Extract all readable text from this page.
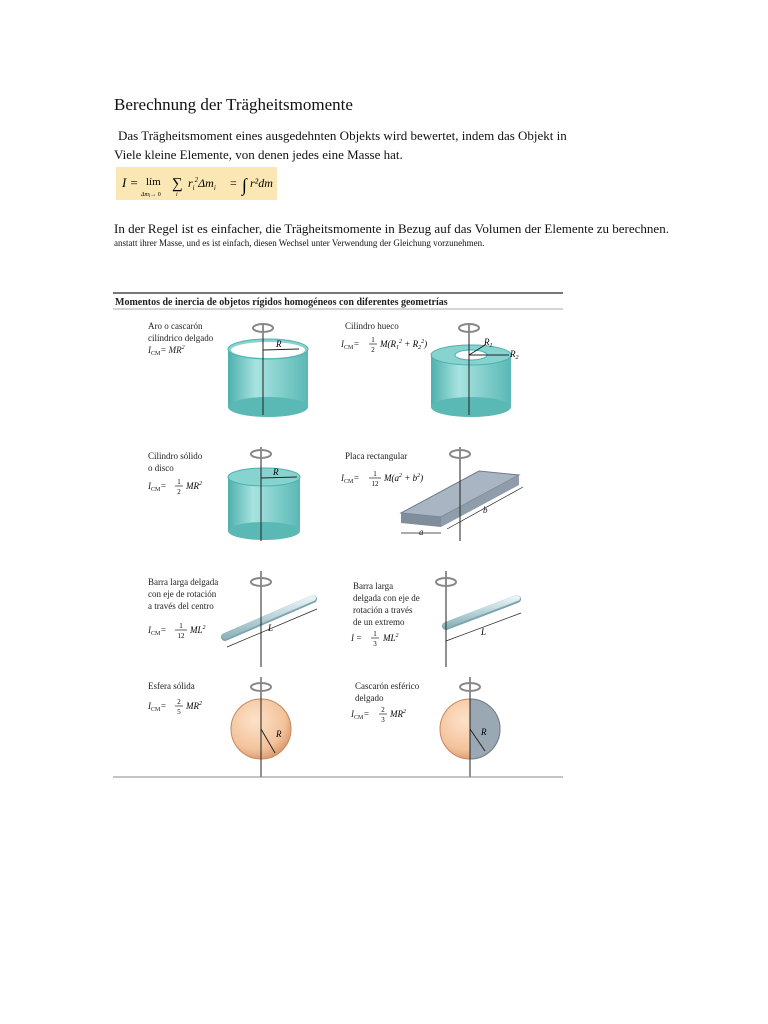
Berechnung der Trägheitsmomente
Das Trägheitsmoment eines ausgedehnten Objekts wird bewertet, indem das Objekt in
Viele kleine Elemente, von denen jedes eine Masse hat.
I = lím
Δmi→ 0
∑
i
$r_i^2\Delta m_i$ = ∫ r²dm
In der Regel ist es einfacher, die Trägheitsmomente in Bezug auf das Volumen der Elemente zu berechnen.
anstatt ihrer Masse, und es ist einfach, diesen Wechsel unter Verwendung der Gleichung vorzunehmen.
Momentos de inercia de objetos rígidos homogéneos con diferentes geometrías
Aro o cascarón
cilíndrico delgado
$I_{CM}= MR^2$	R
Cilindro hueco
$I_{CM}= 1$
2
$M(R_1^2 + R_2^2)$	$R_1$
$R_2$
Cilindro sólido
o disco
$I_{CM}= 1$
2
$MR^2$
R
Placa rectangular
$I_{CM}= 1$
12
$M(a^2 + b^2)$
a
b
Barra larga delgada
con eje de rotación
a través del centro
$I_{CM}= 1$
12
$ML^2$	L
Barra larga
delgada con eje de
rotación a través
de un extremo
I = 1
3
$ML^2$	L
Esfera sólida
$I_{CM}= 2$
5
$MR^2$
R
Cascarón esférico
delgado
$I_{CM}= 2$
3
$MR^2$
R
